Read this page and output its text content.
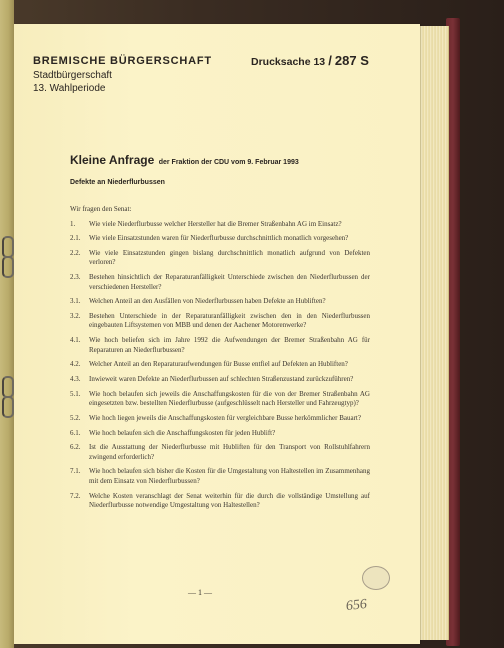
BREMISCHE BÜRGERSCHAFT
Stadtbürgerschaft
13. Wahlperiode
Drucksache 13 / 287 S
Kleine Anfrage der Fraktion der CDU vom 9. Februar 1993
Defekte an Niederflurbussen
Wir fragen den Senat:
1. Wie viele Niederflurbusse welcher Hersteller hat die Bremer Straßenbahn AG im Einsatz?
2.1. Wie viele Einsatzstunden waren für Niederflurbusse durchschnittlich monatlich vorgesehen?
2.2. Wie viele Einsatzstunden gingen bislang durchschnittlich monatlich aufgrund von Defekten verloren?
2.3. Bestehen hinsichtlich der Reparaturanfälligkeit Unterschiede zwischen den Niederflurbussen der verschiedenen Hersteller?
3.1. Welchen Anteil an den Ausfällen von Niederflurbussen haben Defekte an Hubliften?
3.2. Bestehen Unterschiede in der Reparaturanfälligkeit zwischen den in den Niederflurbussen eingebauten Liftsystemen von MBB und denen der Aachener Motorenwerke?
4.1. Wie hoch beliefen sich im Jahre 1992 die Aufwendungen der Bremer Straßenbahn AG für Reparaturen an Niederflurbussen?
4.2. Welcher Anteil an den Reparaturaufwendungen für Busse entfiel auf Defekten an Hubliften?
4.3. Inwieweit waren Defekte an Niederflurbussen auf schlechten Straßenzustand zurückzuführen?
5.1. Wie hoch belaufen sich jeweils die Anschaffungskosten für die von der Bremer Straßenbahn AG eingesetzten bzw. bestellten Niederflurbusse (aufgeschlüsselt nach Hersteller und Fahrzeugtyp)?
5.2. Wie hoch liegen jeweils die Anschaffungskosten für vergleichbare Busse herkömmlicher Bauart?
6.1. Wie hoch belaufen sich die Anschaffungskosten für jeden Hublift?
6.2. Ist die Ausstattung der Niederflurbusse mit Hubliften für den Transport von Rollstuhlfahrern zwingend erforderlich?
7.1. Wie hoch belaufen sich bisher die Kosten für die Umgestaltung von Haltestellen im Zusammenhang mit dem Einsatz von Niederflurbussen?
7.2. Welche Kosten veranschlagt der Senat weiterhin für die durch die vollständige Umstellung auf Niederflurbusse notwendige Umgestaltung von Haltestellen?
— 1 —
656
